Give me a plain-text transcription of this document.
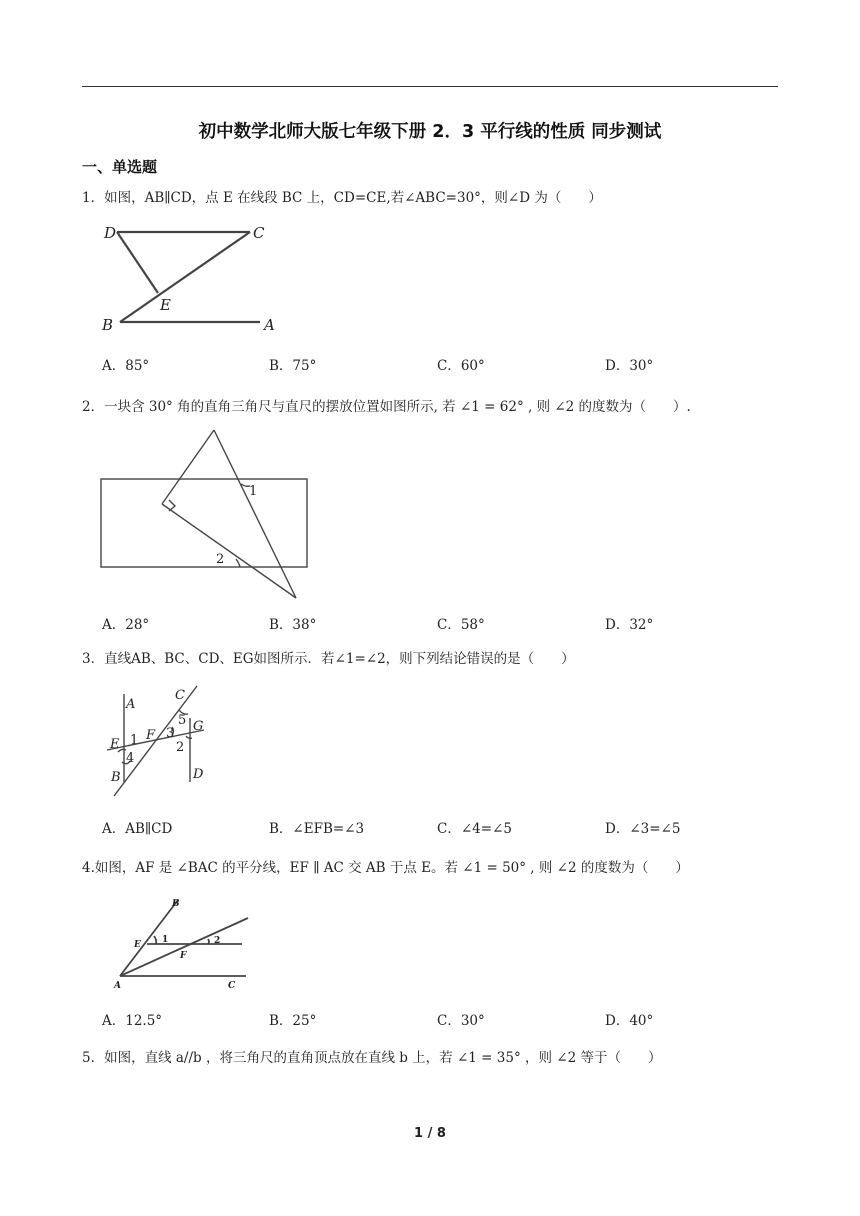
初中数学北师大版七年级下册 2．3 平行线的性质 同步测试
一、单选题
1．如图，AB∥CD，点 E 在线段 BC 上，CD=CE,若∠ABC=30°，则∠D 为（　　）
D	C
E
B	A
A．85°	B．75°	C．60°	D．30°
2．一块含 30° 角的直角三角尺与直尺的摆放位置如图所示, 若 ∠1 = 62° , 则 ∠2 的度数为（　　）.
1
2
A．28°	B．38°	C．58°	D．32°
3．直线AB、BC、CD、EG如图所示．若∠1=∠2，则下列结论错误的是（　　）
A
C
5 G
E 1 F 3
2
4
B	D
A．AB∥CD	B．∠EFB=∠3	C．∠4=∠5	D．∠3=∠5
4.如图，AF 是 ∠BAC 的平分线，EF ∥ AC 交 AB 于点 E。若 ∠1 = 50° , 则 ∠2 的度数为（　　）
B
E 1	2
F
A	C
A．12.5°	B．25°	C．30°	D．40°
5．如图，直线 a//b ，将三角尺的直角顶点放在直线 b 上，若 ∠1 = 35° ，则 ∠2 等于（　　）
1 / 8
